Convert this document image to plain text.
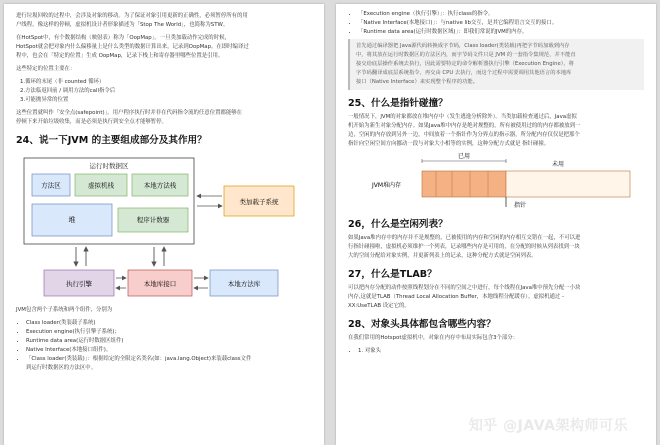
进行垃圾回收的过程中，会涉及对象的移动。为了保证对象引用更新的正确性，必须暂停所有的用

户线程，像这样的停顿，虚拟机设计者形象描述为「Stop The World」，也简称为STW。

在HotSpot中，有个数据结构（映射表）称为「OopMap」。一旦类加载动作完成的时候，

HotSpot就会把对象内什么偏移量上是什么类型的数据计算出来，记录到OopMap。在即时编译过

程中，也会在「特定的位置」生成 OopMap，记录下栈上和寄存器里哪些位置是引用。

这些特定的位置主要在：

1.循环的末尾（非 counted 循环）
2.方法临返回前 / 调用方法的call指令后
3.可能抛异常的位置

这些位置就叫作「安全点(safepoint)」。用户程序执行时并非在代码指令流的任意位置都能够在

停顿下来开始垃圾收集，而是必须是执行到安全点才能够暂停。

24、说一下JVM 的主要组成部分及其作用？
运行时数据区
方法区	虚拟机栈	本地方法栈
堆	程序计数器
类加载子系统
执行引擎	本地库接口	本地方法库

JVM包含两个子系统和两个组件，分别为

• Class loader(类装载子系统)
• Execution engine(执行引擎子系统)；
• Runtime data area(运行时数据区组件)
• Native Interface(本地接口组件)。
• 「Class loader(类装载)」：根据给定的全限定名类名(如：java.lang.Object)来装载class文件
到运行时数据区的方法区中。
• 「Execution engine（执行引擎）」：执行class的指令。
• 「Native Interface(本地接口)」：与native lib交互，是其它编程语言交互的接口。
• 「Runtime data area(运行时数据区域)」：即我们常说的JVM的内存。
首先通过编译器把 Java源代码转换成字节码，Class loader(类装载)再把字节码加载到内存
中，将其放在运行时数据区的方法区内，而字节码文件只是 JVM 的一套指令集规范，并不能直
接交给底层操作系统去执行，因此需要特定的命令解析器执行引擎（Execution Engine），将
字节码翻译成底层系统指令，再交由 CPU 去执行，而这个过程中需要调用其他语言的本地库
接口（Native Interface）来实现整个程序的功能。
25、什么是指针碰撞？

一般情况下，JVM的对象都放在堆内存中（发生逃逸分析除外）。当类加载检查通过后，Java虚拟

机开始为新生对象分配内存。如果Java堆中内存是绝对规整的，所有被使用过的的内存都被放到一

边，空闲的内存放到另外一边，中间放着一个指针作为分界点的指示器，所分配内存仅仅是把那个

指针向空闲空间方向挪动一段与对象大小相等的实例，这种分配方式就是 指针碰撞。

已用
未用
JVM堆内存
指针
26，什么是空闲列表？

如果Java堆内存中的内存并不是规整的，已被使用的内存和空闲的内存相互交错在一起，不可以进

行指针碰撞啦，虚拟机必须维护一个列表，记录哪些内存是可用的，在分配的时候从列表找到一块

大的空间分配给对象实例，并更新列表上的记录，这种分配方式就是空闲列表。

27，什么是TLAB？

可以把内存分配的动作按照线程划分在不同的空间之中进行，每个线程在Java堆中预先分配一小块

内存,这就是TLAB（Thread Local Allocation Buffer，本地线程分配缓存）。虚拟机通过 -

XX:UseTLAB 设定它的。

28、对象头具体都包含哪些内容？

在我们常用的Hotspot虚拟机中，对象在内存中布局实际包含3个部分：

• 1. 对象头
知乎 @JAVA架构师可乐
